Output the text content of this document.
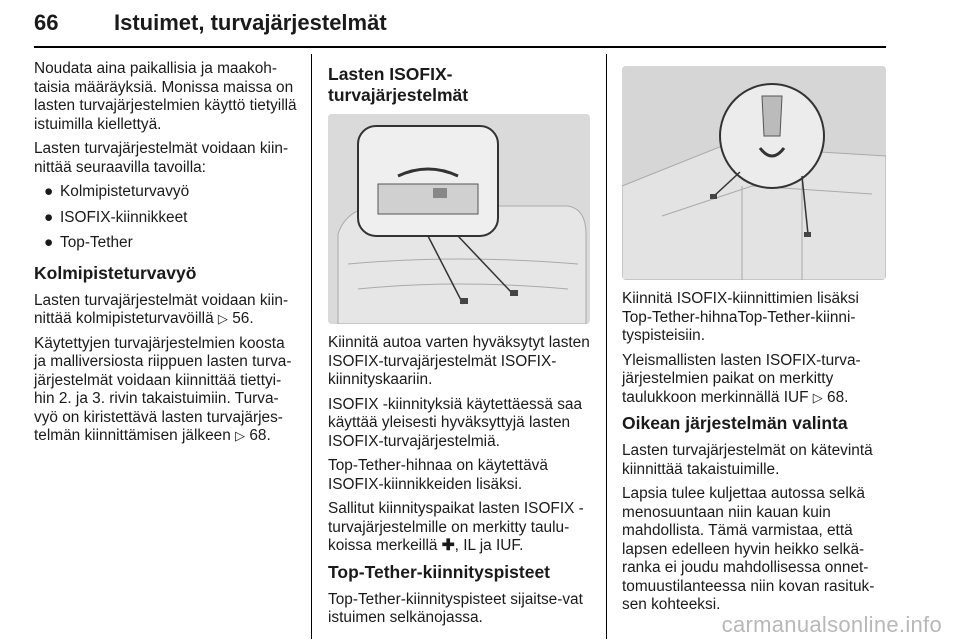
66	Istuimet, turvajärjestelmät

Noudata aina paikallisia ja maakoh-taisia määräyksiä. Monissa maissa on lasten turvajärjestelmien käyttö tietyillä istuimilla kiellettyä.

Lasten turvajärjestelmät voidaan kiin-nittää seuraavilla tavoilla:

● Kolmipisteturvavyö
● ISOFIX-kiinnikkeet
● Top-Tether
Kolmipisteturvavyö

Lasten turvajärjestelmät voidaan kiin-nittää kolmipisteturvavöillä ▷ 56.

Käytettyjen turvajärjestelmien koosta ja malliversiosta riippuen lasten turva-järjestelmät voidaan kiinnittää tiettyi-hin 2. ja 3. rivin takaistuimiin. Turva-vyö on kiristettävä lasten turvajärjes-telmän kiinnittämisen jälkeen ▷ 68.

Lasten ISOFIX-turvajärjestelmät

Kiinnitä autoa varten hyväksytyt lasten ISOFIX-turvajärjestelmät ISOFIX-kiinnityskaariin.

ISOFIX -kiinnityksiä käytettäessä saa käyttää yleisesti hyväksyttyjä lasten ISOFIX-turvajärjestelmiä.

Top-Tether-hihnaa on käytettävä ISOFIX-kiinnikkeiden lisäksi.

Sallitut kiinnityspaikat lasten ISOFIX -turvajärjestelmille on merkitty taulu-koissa merkeillä ✚, IL ja IUF.

Top-Tether-kiinnityspisteet

Top-Tether-kiinnityspisteet sijaitse-vat istuimen selkänojassa.

Kiinnitä ISOFIX-kiinnittimien lisäksi Top-Tether-hihnaTop-Tether-kiinni-tyspisteisiin.

Yleismallisten lasten ISOFIX-turva-järjestelmien paikat on merkitty taulukkoon merkinnällä IUF ▷ 68.

Oikean järjestelmän valinta

Lasten turvajärjestelmät on kätevintä kiinnittää takaistuimille.

Lapsia tulee kuljettaa autossa selkä menosuuntaan niin kauan kuin mahdollista. Tämä varmistaa, että lapsen edelleen hyvin heikko selkä-ranka ei joudu mahdollisessa onnet-tomuustilanteessa niin kovan rasituk-sen kohteeksi.

carmanualsonline.info
